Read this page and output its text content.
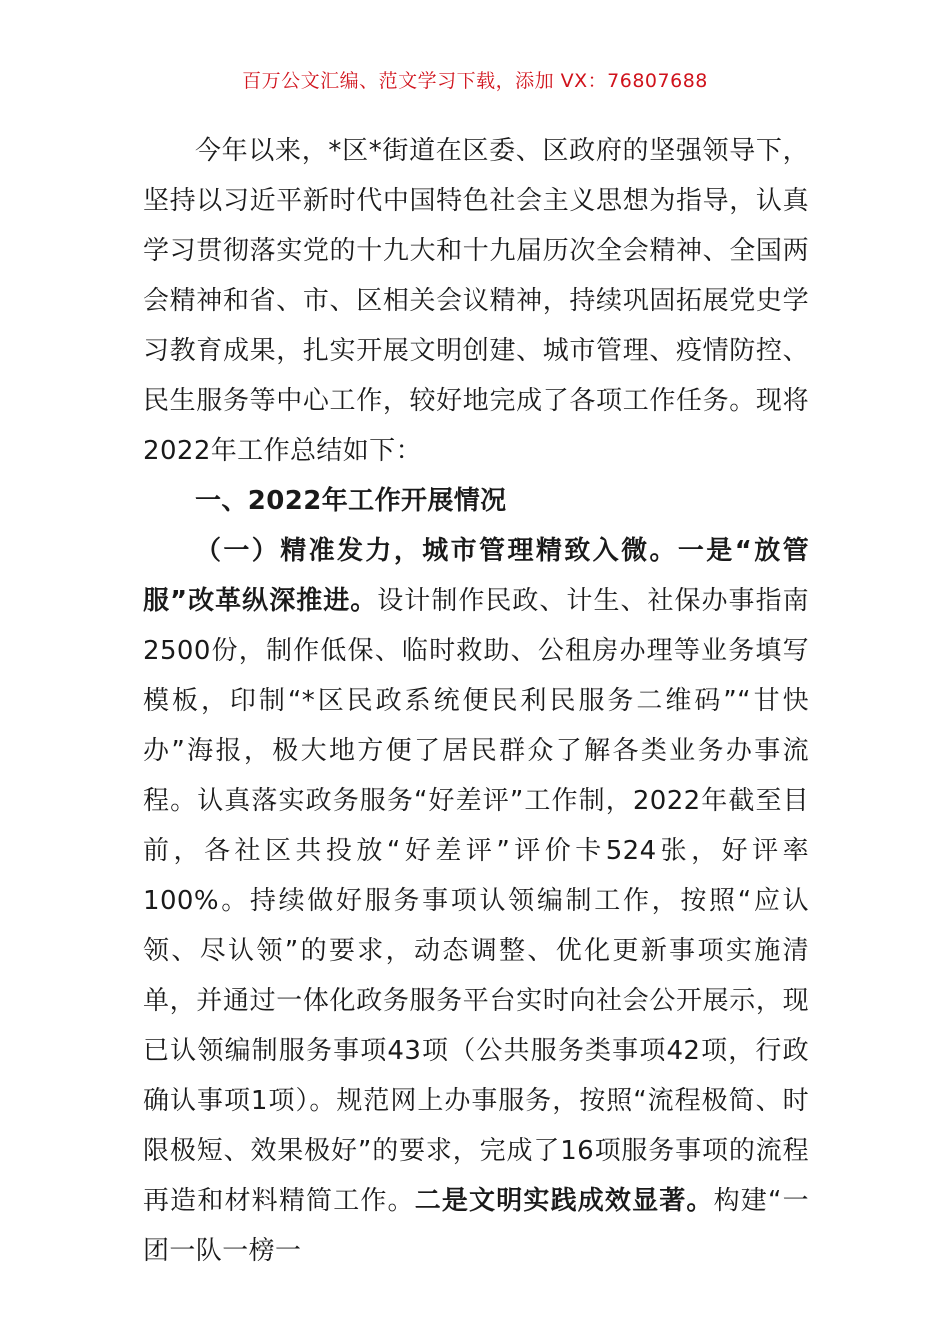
百万公文汇编、范文学习下载，添加 VX：76807688

今年以来，*区*街道在区委、区政府的坚强领导下，坚持以习近平新时代中国特色社会主义思想为指导，认真学习贯彻落实党的十九大和十九届历次全会精神、全国两会精神和省、市、区相关会议精神，持续巩固拓展党史学习教育成果，扎实开展文明创建、城市管理、疫情防控、民生服务等中心工作，较好地完成了各项工作任务。现将2022年工作总结如下：

一、2022年工作开展情况

（一）精准发力，城市管理精致入微。一是“放管服”改革纵深推进。设计制作民政、计生、社保办事指南2500份，制作低保、临时救助、公租房办理等业务填写模板，印制“*区民政系统便民利民服务二维码”“甘快办”海报，极大地方便了居民群众了解各类业务办事流程。认真落实政务服务“好差评”工作制，2022年截至目前，各社区共投放“好差评”评价卡524张，好评率100%。持续做好服务事项认领编制工作，按照“应认领、尽认领”的要求，动态调整、优化更新事项实施清单，并通过一体化政务服务平台实时向社会公开展示，现已认领编制服务事项43项（公共服务类事项42项，行政确认事项1项）。规范网上办事服务，按照“流程极简、时限极短、效果极好”的要求，完成了16项服务事项的流程再造和材料精简工作。二是文明实践成效显著。构建“一团一队一榜一
